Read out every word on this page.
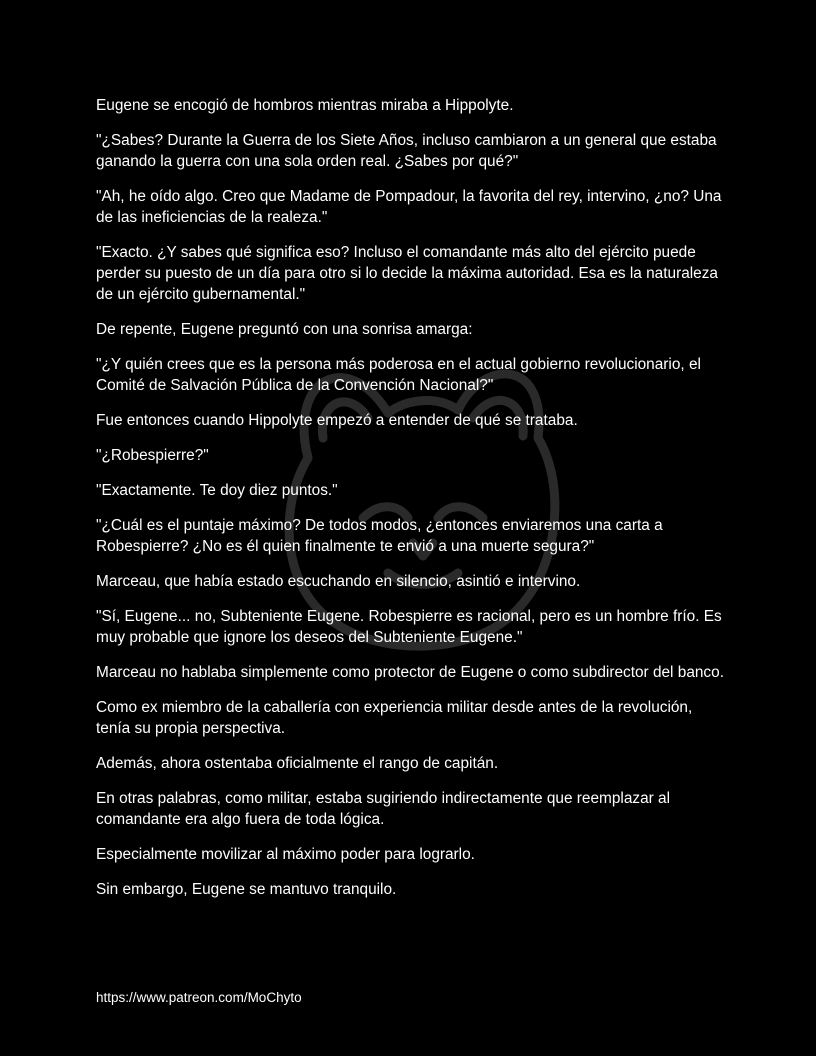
Eugene se encogió de hombros mientras miraba a Hippolyte.

"¿Sabes? Durante la Guerra de los Siete Años, incluso cambiaron a un general que estaba ganando la guerra con una sola orden real. ¿Sabes por qué?"

"Ah, he oído algo. Creo que Madame de Pompadour, la favorita del rey, intervino, ¿no? Una de las ineficiencias de la realeza."

"Exacto. ¿Y sabes qué significa eso? Incluso el comandante más alto del ejército puede perder su puesto de un día para otro si lo decide la máxima autoridad. Esa es la naturaleza de un ejército gubernamental."

De repente, Eugene preguntó con una sonrisa amarga:

"¿Y quién crees que es la persona más poderosa en el actual gobierno revolucionario, el Comité de Salvación Pública de la Convención Nacional?"

Fue entonces cuando Hippolyte empezó a entender de qué se trataba.

"¿Robespierre?"

"Exactamente. Te doy diez puntos."

"¿Cuál es el puntaje máximo? De todos modos, ¿entonces enviaremos una carta a Robespierre? ¿No es él quien finalmente te envió a una muerte segura?"

Marceau, que había estado escuchando en silencio, asintió e intervino.

"Sí, Eugene... no, Subteniente Eugene. Robespierre es racional, pero es un hombre frío. Es muy probable que ignore los deseos del Subteniente Eugene."

Marceau no hablaba simplemente como protector de Eugene o como subdirector del banco.

Como ex miembro de la caballería con experiencia militar desde antes de la revolución, tenía su propia perspectiva.

Además, ahora ostentaba oficialmente el rango de capitán.

En otras palabras, como militar, estaba sugiriendo indirectamente que reemplazar al comandante era algo fuera de toda lógica.

Especialmente movilizar al máximo poder para lograrlo.

Sin embargo, Eugene se mantuvo tranquilo.

https://www.patreon.com/MoChyto
